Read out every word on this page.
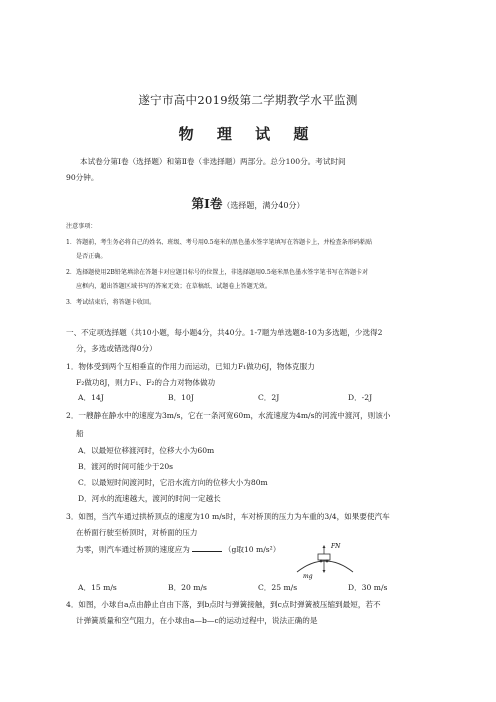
遂宁市高中2019级第二学期教学水平监测
物 理 试 题
本试卷分第Ⅰ卷（选择题）和第Ⅱ卷（非选择题）两部分。总分100分。考试时间
90分钟。
第Ⅰ卷（选择题，满分40分）
注意事项：
1．答题前，考生务必将自己的姓名、班级、考号用0.5毫米的黑色墨水签字笔填写在答题卡上，并检查条形码粘贴
是否正确。
2．选择题使用2B铅笔填涂在答题卡对应题目标号的位置上，非选择题用0.5毫米黑色墨水签字笔书写在答题卡对
应框内，超出答题区域书写的答案无效；在草稿纸、试题卷上答题无效。
3．考试结束后，将答题卡收回。
一、不定项选择题（共10小题，每小题4分，共40分。1-7题为单选题8-10为多选题，少选得2
分，多选或错选得0分）
1．物体受到两个互相垂直的作用力而运动，已知力F₁做功6J，物体克服力
F₂做功8J，则力F₁、F₂的合力对物体做功
A．14J	B．10J	C．2J	D．-2J
2．一艘静在静水中的速度为3m/s，它在一条河宽60m，水流速度为4m/s的河流中渡河，则该小
船
A．以最短位移渡河时，位移大小为60m
B．渡河的时间可能少于20s
C．以最短时间渡河时，它沿水流方向的位移大小为80m
D．河水的流速越大，渡河的时间一定越长
3．如图，当汽车通过拱桥顶点的速度为10 m/s时，车对桥顶的压力为车重的3/4，如果要使汽车
在桥面行驶至桥顶时，对桥面的压力
为零，则汽车通过桥顶的速度应为	（g取10 m/s²）	FN
mg
A．15 m/s	B．20 m/s	C．25 m/s	D．30 m/s
4．如图，小球自a点由静止自由下落，到b点时与弹簧接触，到c点时弹簧被压缩到最短，若不
计弹簧质量和空气阻力，在小球由a—b—c的运动过程中，说法正确的是
